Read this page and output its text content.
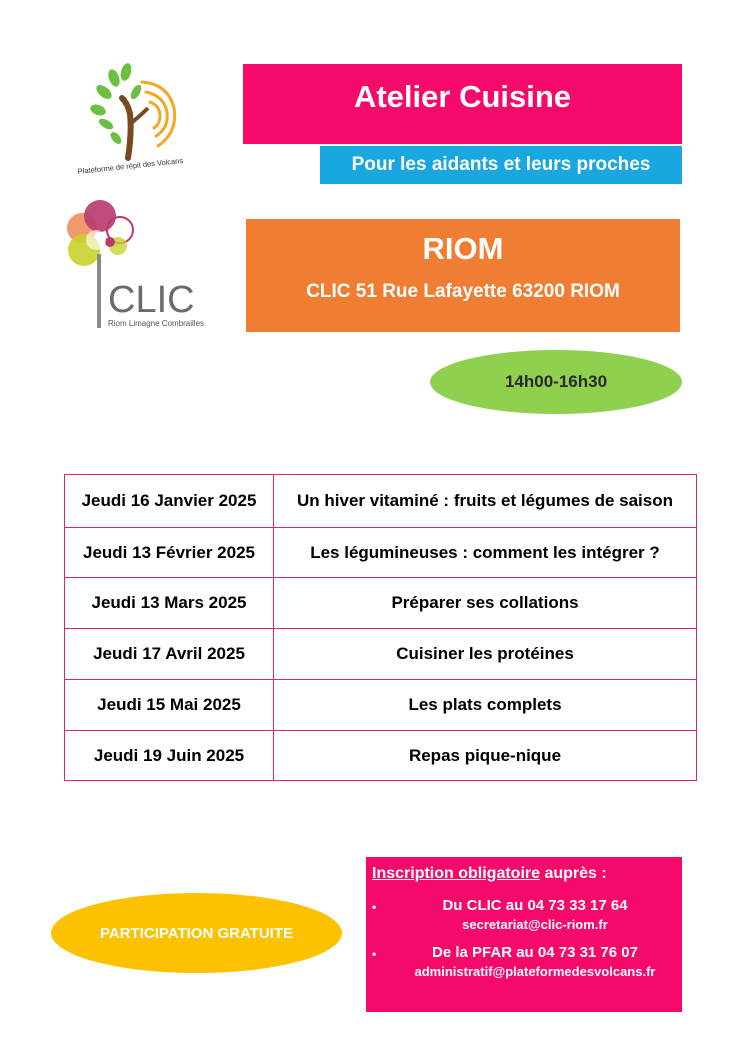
Plateforme de répit des Volcans
CLIC
Riom Limagne Combrailles
Atelier Cuisine
Pour les aidants et leurs proches
RIOM
CLIC 51 Rue Lafayette 63200 RIOM
14h00-16h30
Jeudi 16 Janvier 2025	Un hiver vitaminé : fruits et légumes de saison
Jeudi 13 Février 2025	Les légumineuses : comment les intégrer ?
Jeudi 13 Mars 2025	Préparer ses collations
Jeudi 17 Avril 2025	Cuisiner les protéines
Jeudi 15 Mai 2025	Les plats complets
Jeudi 19 Juin 2025	Repas pique-nique
PARTICIPATION GRATUITE
Inscription obligatoire auprès :
•	Du CLIC au 04 73 33 17 64
secretariat@clic-riom.fr
•	De la PFAR au 04 73 31 76 07
administratif@plateformedesvolcans.fr
